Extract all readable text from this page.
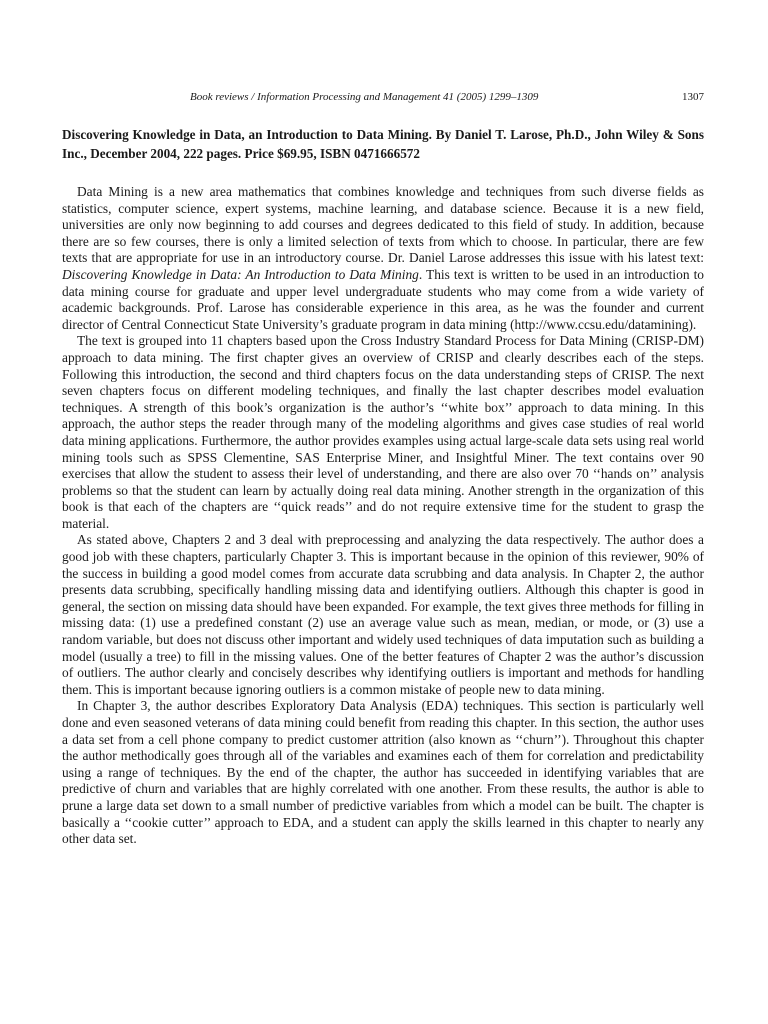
Book reviews / Information Processing and Management 41 (2005) 1299–1309	1307
Discovering Knowledge in Data, an Introduction to Data Mining. By Daniel T. Larose, Ph.D., John Wiley & Sons Inc., December 2004, 222 pages. Price $69.95, ISBN 0471666572

Data Mining is a new area mathematics that combines knowledge and techniques from such diverse fields as statistics, computer science, expert systems, machine learning, and database science. Because it is a new field, universities are only now beginning to add courses and degrees dedicated to this field of study. In addition, because there are so few courses, there is only a limited selection of texts from which to choose. In particular, there are few texts that are appropriate for use in an introductory course. Dr. Daniel Larose addresses this issue with his latest text: Discovering Knowledge in Data: An Introduction to Data Mining. This text is written to be used in an introduction to data mining course for graduate and upper level undergraduate students who may come from a wide variety of academic backgrounds. Prof. Larose has considerable experience in this area, as he was the founder and current director of Central Connecticut State University’s graduate program in data mining (http://www.ccsu.edu/datamining).

The text is grouped into 11 chapters based upon the Cross Industry Standard Process for Data Mining (CRISP-DM) approach to data mining. The first chapter gives an overview of CRISP and clearly describes each of the steps. Following this introduction, the second and third chapters focus on the data understanding steps of CRISP. The next seven chapters focus on different modeling techniques, and finally the last chapter describes model evaluation techniques. A strength of this book’s organization is the author’s ‘‘white box’’ approach to data mining. In this approach, the author steps the reader through many of the modeling algorithms and gives case studies of real world data mining applications. Furthermore, the author provides examples using actual large-scale data sets using real world mining tools such as SPSS Clementine, SAS Enterprise Miner, and Insightful Miner. The text contains over 90 exercises that allow the student to assess their level of understanding, and there are also over 70 ‘‘hands on’’ analysis problems so that the student can learn by actually doing real data mining. Another strength in the organization of this book is that each of the chapters are ‘‘quick reads’’ and do not require extensive time for the student to grasp the material.

As stated above, Chapters 2 and 3 deal with preprocessing and analyzing the data respectively. The author does a good job with these chapters, particularly Chapter 3. This is important because in the opinion of this reviewer, 90% of the success in building a good model comes from accurate data scrubbing and data analysis. In Chapter 2, the author presents data scrubbing, specifically handling missing data and identifying outliers. Although this chapter is good in general, the section on missing data should have been expanded. For example, the text gives three methods for filling in missing data: (1) use a predefined constant (2) use an average value such as mean, median, or mode, or (3) use a random variable, but does not discuss other important and widely used techniques of data imputation such as building a model (usually a tree) to fill in the missing values. One of the better features of Chapter 2 was the author’s discussion of outliers. The author clearly and concisely describes why identifying outliers is important and methods for handling them. This is important because ignoring outliers is a common mistake of people new to data mining.

In Chapter 3, the author describes Exploratory Data Analysis (EDA) techniques. This section is particularly well done and even seasoned veterans of data mining could benefit from reading this chapter. In this section, the author uses a data set from a cell phone company to predict customer attrition (also known as ‘‘churn’’). Throughout this chapter the author methodically goes through all of the variables and examines each of them for correlation and predictability using a range of techniques. By the end of the chapter, the author has succeeded in identifying variables that are predictive of churn and variables that are highly correlated with one another. From these results, the author is able to prune a large data set down to a small number of predictive variables from which a model can be built. The chapter is basically a ‘‘cookie cutter’’ approach to EDA, and a student can apply the skills learned in this chapter to nearly any other data set.
